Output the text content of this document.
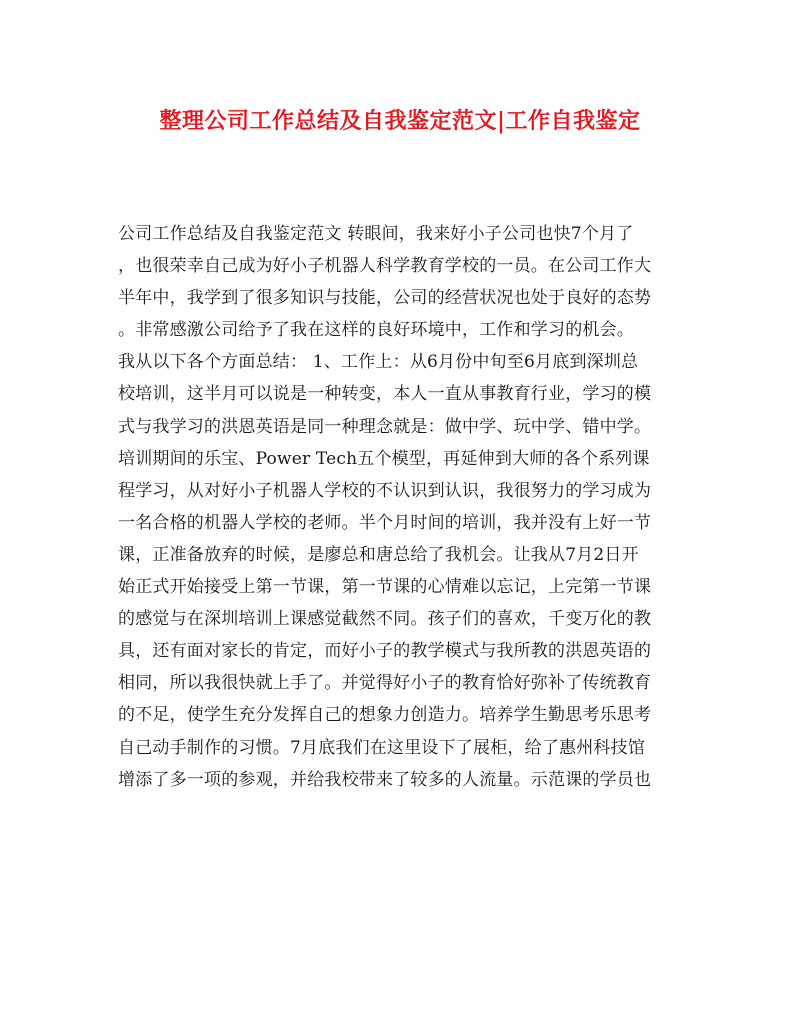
整理公司工作总结及自我鉴定范文|工作自我鉴定
公司工作总结及自我鉴定范文 转眼间，我来好小子公司也快7个月了
，也很荣幸自己成为好小子机器人科学教育学校的一员。在公司工作大
半年中，我学到了很多知识与技能，公司的经营状况也处于良好的态势
。非常感激公司给予了我在这样的良好环境中，工作和学习的机会。
我从以下各个方面总结： 1、工作上：从6月份中旬至6月底到深圳总
校培训，这半月可以说是一种转变，本人一直从事教育行业，学习的模
式与我学习的洪恩英语是同一种理念就是：做中学、玩中学、错中学。
培训期间的乐宝、Power Tech五个模型，再延伸到大师的各个系列课
程学习，从对好小子机器人学校的不认识到认识，我很努力的学习成为
一名合格的机器人学校的老师。半个月时间的培训，我并没有上好一节
课，正准备放弃的时候，是廖总和唐总给了我机会。让我从7月2日开
始正式开始接受上第一节课，第一节课的心情难以忘记，上完第一节课
的感觉与在深圳培训上课感觉截然不同。孩子们的喜欢，千变万化的教
具，还有面对家长的肯定，而好小子的教学模式与我所教的洪恩英语的
相同，所以我很快就上手了。并觉得好小子的教育恰好弥补了传统教育
的不足，使学生充分发挥自己的想象力创造力。培养学生勤思考乐思考
自己动手制作的习惯。7月底我们在这里设下了展柜，给了惠州科技馆
增添了多一项的参观，并给我校带来了较多的人流量。示范课的学员也
